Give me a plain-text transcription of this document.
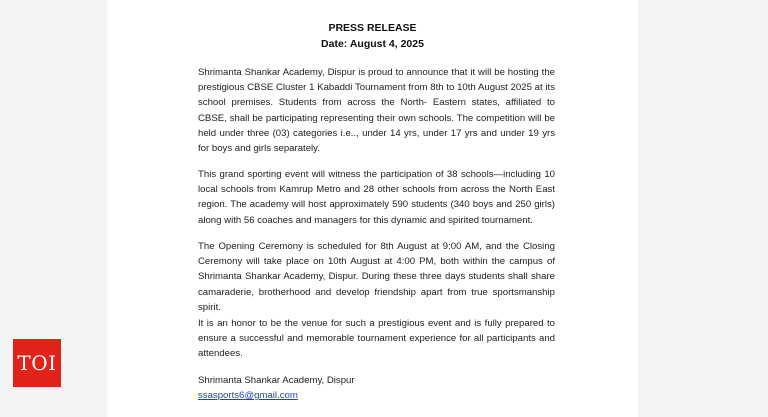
PRESS RELEASE
Date: August 4, 2025

Shrimanta Shankar Academy, Dispur is proud to announce that it will be hosting the prestigious CBSE Cluster 1 Kabaddi Tournament from 8th to 10th August 2025 at its school premises. Students from across the North- Eastern states, affiliated to CBSE, shall be participating representing their own schools. The competition will be held under three (03) categories i.e.., under 14 yrs, under 17 yrs and under 19 yrs for boys and girls separately.

This grand sporting event will witness the participation of 38 schools—including 10 local schools from Kamrup Metro and 28 other schools from across the North East region. The academy will host approximately 590 students (340 boys and 250 girls) along with 56 coaches and managers for this dynamic and spirited tournament.

The Opening Ceremony is scheduled for 8th August at 9:00 AM, and the Closing Ceremony will take place on 10th August at 4:00 PM, both within the campus of Shrimanta Shankar Academy, Dispur. During these three days students shall share camaraderie, brotherhood and develop friendship apart from true sportsmanship spirit.

It is an honor to be the venue for such a prestigious event and is fully prepared to ensure a successful and memorable tournament experience for all participants and attendees.

Shrimanta Shankar Academy, Dispur
ssasports6@gmail.com
TOI
